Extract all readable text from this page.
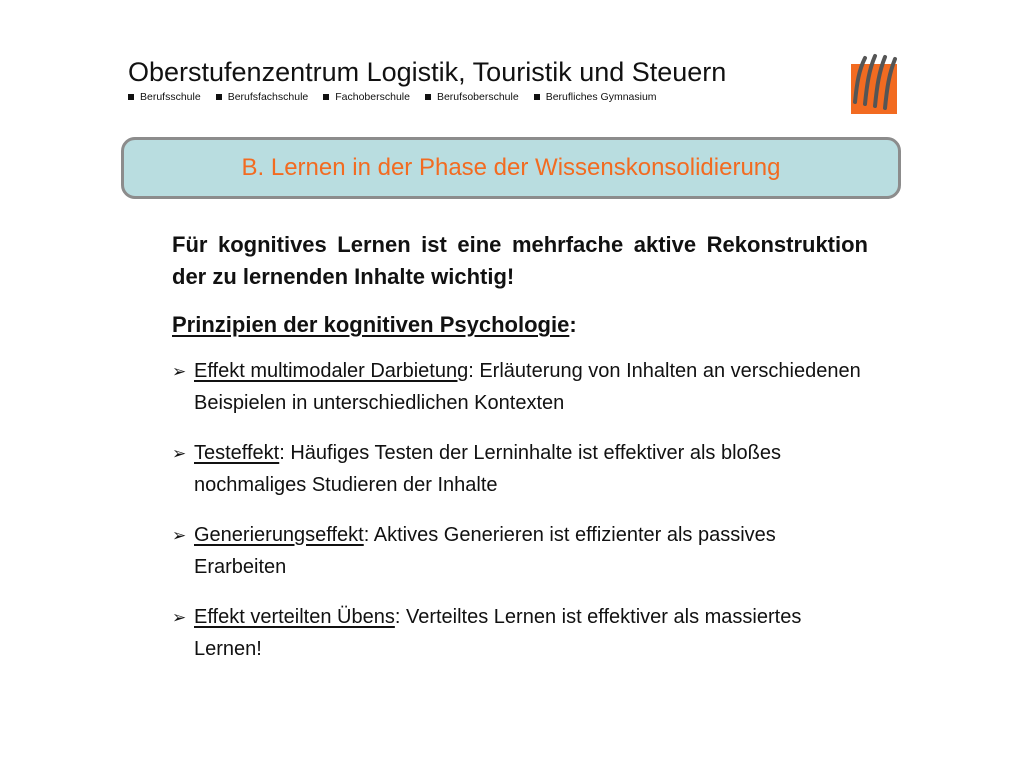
Oberstufenzentrum Logistik, Touristik und Steuern
Berufsschule	Berufsfachschule	Fachoberschule	Berufsoberschule	Berufliches Gymnasium
B. Lernen in der Phase der Wissenskonsolidierung
Für kognitives Lernen ist eine mehrfache aktive Rekonstruktion der zu lernenden Inhalte wichtig!
Prinzipien der kognitiven Psychologie:
➢ Effekt multimodaler Darbietung: Erläuterung von Inhalten an verschiedenen Beispielen in unterschiedlichen Kontexten
➢ Testeffekt: Häufiges Testen der Lerninhalte ist effektiver als bloßes nochmaliges Studieren der Inhalte
➢ Generierungseffekt: Aktives Generieren ist effizienter als passives Erarbeiten
➢ Effekt verteilten Übens: Verteiltes Lernen ist effektiver als massiertes Lernen!
